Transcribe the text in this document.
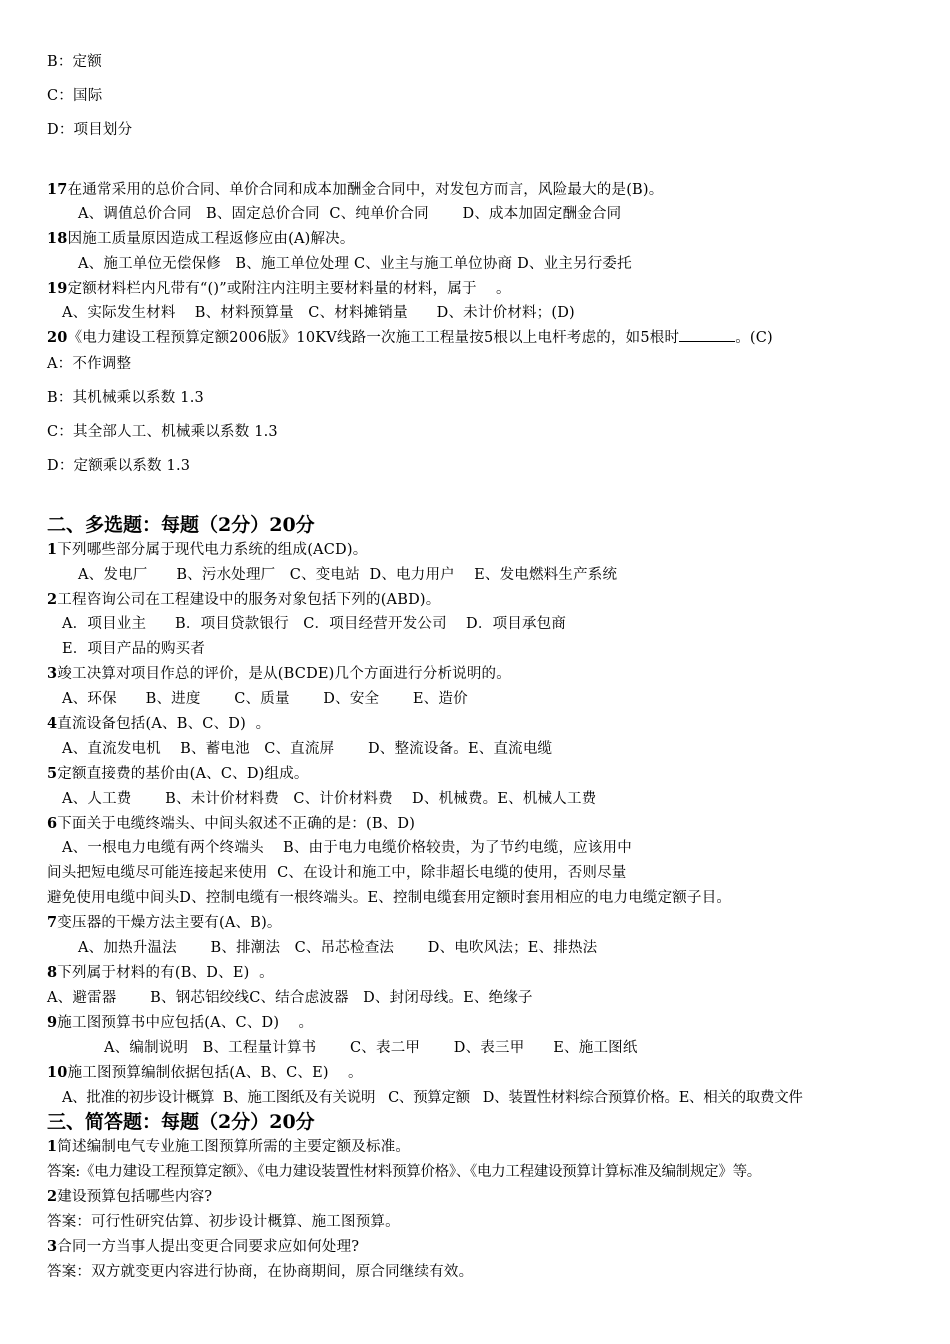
B：定额
C：国际
D：项目划分
17在通常采用的总价合同、单价合同和成本加酬金合同中，对发包方而言，风险最大的是(B)。
A、调值总价合同   B、固定总价合同  C、纯单价合同       D、成本加固定酬金合同
18因施工质量原因造成工程返修应由(A)解决。
A、施工单位无偿保修   B、施工单位处理 C、业主与施工单位协商 D、业主另行委托
19定额材料栏内凡带有“()”或附注内注明主要材料量的材料，属于    。
A、实际发生材料    B、材料预算量   C、材料摊销量      D、未计价材料；(D)
20《电力建设工程预算定额2006版》10KV线路一次施工工程量按5根以上电杆考虑的，如5根时	。(C)
A：不作调整
B：其机械乘以系数 1.3
C：其全部人工、机械乘以系数 1.3
D：定额乘以系数 1.3
二、多选题：每题（2分）20分
1下列哪些部分属于现代电力系统的组成(ACD)。
A、发电厂      B、污水处理厂   C、变电站  D、电力用户    E、发电燃料生产系统
2工程咨询公司在工程建设中的服务对象包括下列的(ABD)。
A．项目业主      B．项目贷款银行   C．项目经营开发公司    D．项目承包商
E．项目产品的购买者
3竣工决算对项目作总的评价，是从(BCDE)几个方面进行分析说明的。
A、环保      B、进度       C、质量       D、安全       E、造价
4直流设备包括(A、B、C、D)  。
A、直流发电机    B、蓄电池   C、直流屏       D、整流设备。E、直流电缆
5定额直接费的基价由(A、C、D)组成。
A、人工费       B、未计价材料费   C、计价材料费    D、机械费。E、机械人工费
6下面关于电缆终端头、中间头叙述不正确的是：(B、D)
A、一根电力电缆有两个终端头    B、由于电力电缆价格较贵，为了节约电缆，应该用中
间头把短电缆尽可能连接起来使用  C、在设计和施工中，除非超长电缆的使用，否则尽量
避免使用电缆中间头D、控制电缆有一根终端头。E、控制电缆套用定额时套用相应的电力电缆定额子目。
7变压器的干燥方法主要有(A、B)。
A、加热升温法       B、排潮法   C、吊芯检查法       D、电吹风法；E、排热法
8下列属于材料的有(B、D、E)  。
A、避雷器       B、钢芯铝绞线C、结合虑波器   D、封闭母线。E、绝缘子
9施工图预算书中应包括(A、C、D)    。
A、编制说明   B、工程量计算书       C、表二甲       D、表三甲      E、施工图纸
10施工图预算编制依据包括(A、B、C、E)    。
A、批准的初步设计概算  B、施工图纸及有关说明   C、预算定额   D、装置性材料综合预算价格。E、相关的取费文件
三、简答题：每题（2分）20分
1简述编制电气专业施工图预算所需的主要定额及标准。
答案:《电力建设工程预算定额》、《电力建设装置性材料预算价格》、《电力工程建设预算计算标准及编制规定》等。
2建设预算包括哪些内容?
答案：可行性研究估算、初步设计概算、施工图预算。
3合同一方当事人提出变更合同要求应如何处理?
答案：双方就变更内容进行协商，在协商期间，原合同继续有效。
